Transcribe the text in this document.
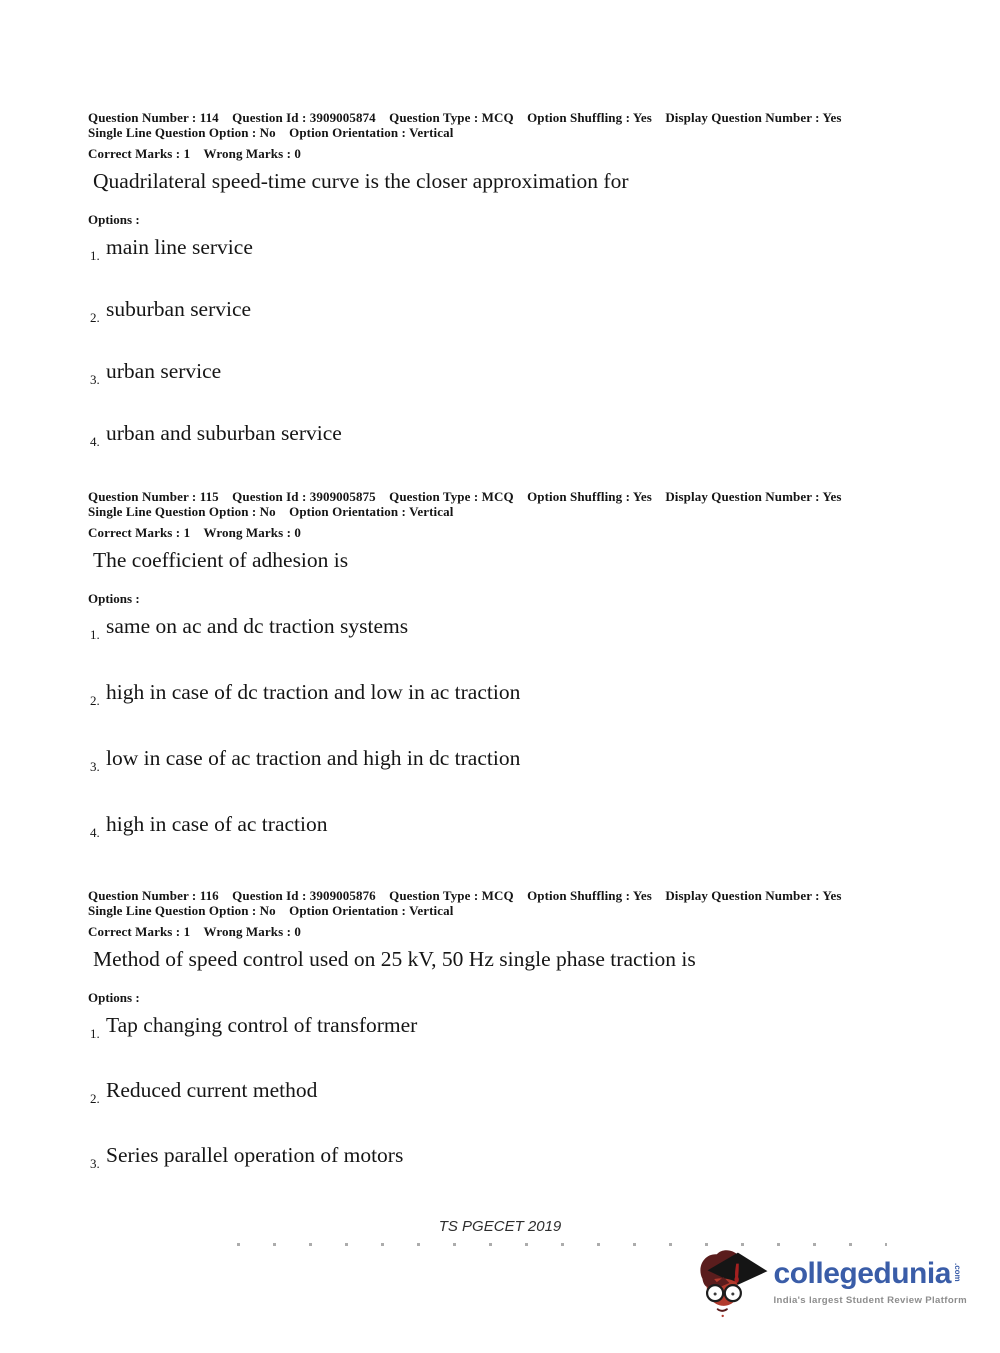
Question Number : 114 Question Id : 3909005874 Question Type : MCQ Option Shuffling : Yes Display Question Number : Yes
Single Line Question Option : No Option Orientation : Vertical
Correct Marks : 1 Wrong Marks : 0
Quadrilateral speed-time curve is the closer approximation for
Options :
1. main line service
2. suburban service
3. urban service
4. urban and suburban service
Question Number : 115 Question Id : 3909005875 Question Type : MCQ Option Shuffling : Yes Display Question Number : Yes
Single Line Question Option : No Option Orientation : Vertical
Correct Marks : 1 Wrong Marks : 0
The coefficient of adhesion is
Options :
1. same on ac and dc traction systems
2. high in case of dc traction and low in ac traction
3. low in case of ac traction and high in dc traction
4. high in case of ac traction
Question Number : 116 Question Id : 3909005876 Question Type : MCQ Option Shuffling : Yes Display Question Number : Yes
Single Line Question Option : No Option Orientation : Vertical
Correct Marks : 1 Wrong Marks : 0
Method of speed control used on 25 kV, 50 Hz single phase traction is
Options :
1. Tap changing control of transformer
2. Reduced current method
3. Series parallel operation of motors
TS PGECET 2019
collegedunia .com
India's largest Student Review Platform
